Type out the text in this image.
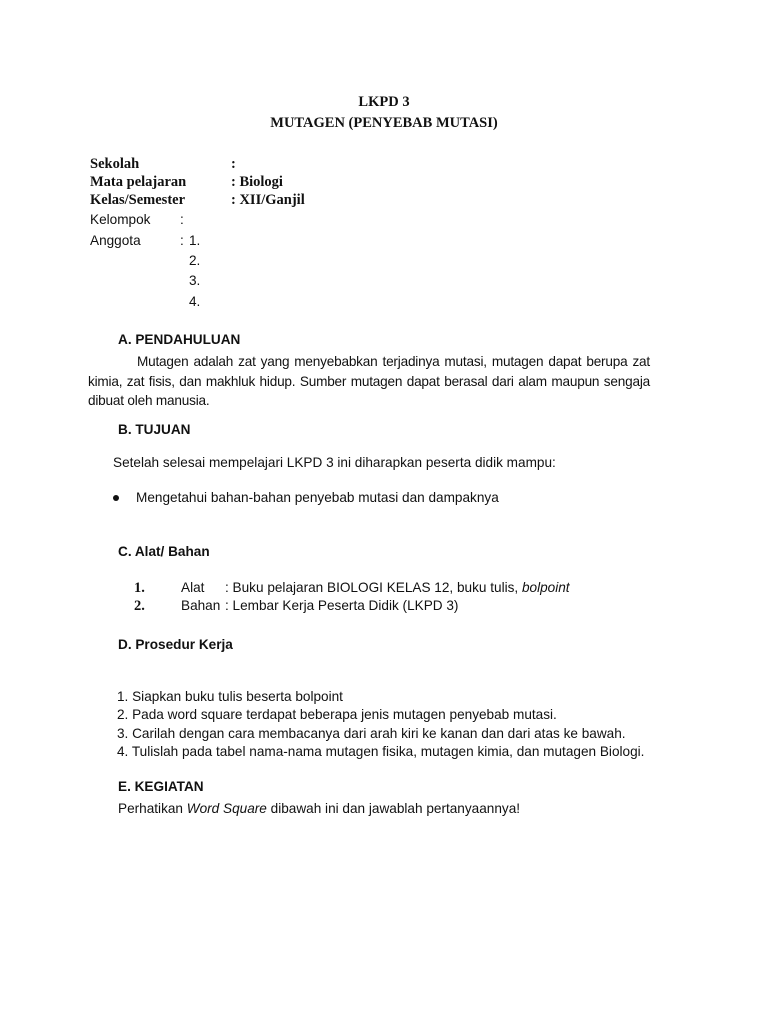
LKPD 3
MUTAGEN (PENYEBAB MUTASI)
Sekolah	:
Mata pelajaran	: Biologi
Kelas/Semester	: XII/Ganjil
Kelompok :
Anggota	: 1.
2.
3.
4.
A. PENDAHULUAN
Mutagen adalah zat yang menyebabkan terjadinya mutasi, mutagen dapat berupa zat kimia, zat fisis, dan makhluk hidup. Sumber mutagen dapat berasal dari alam maupun sengaja dibuat oleh manusia.
B. TUJUAN
Setelah selesai mempelajari LKPD 3 ini diharapkan peserta didik mampu:
Mengetahui bahan-bahan penyebab mutasi dan dampaknya
C. Alat/ Bahan
1.	Alat : Buku pelajaran BIOLOGI KELAS 12, buku tulis, bolpoint
2.	Bahan : Lembar Kerja Peserta Didik (LKPD 3)
D. Prosedur Kerja
1. Siapkan buku tulis beserta bolpoint
2. Pada word square terdapat beberapa jenis mutagen penyebab mutasi.
3. Carilah dengan cara membacanya dari arah kiri ke kanan dan dari atas ke bawah.
4. Tulislah pada tabel nama-nama mutagen fisika, mutagen kimia, dan mutagen Biologi.
E. KEGIATAN
Perhatikan Word Square dibawah ini dan jawablah pertanyaannya!
